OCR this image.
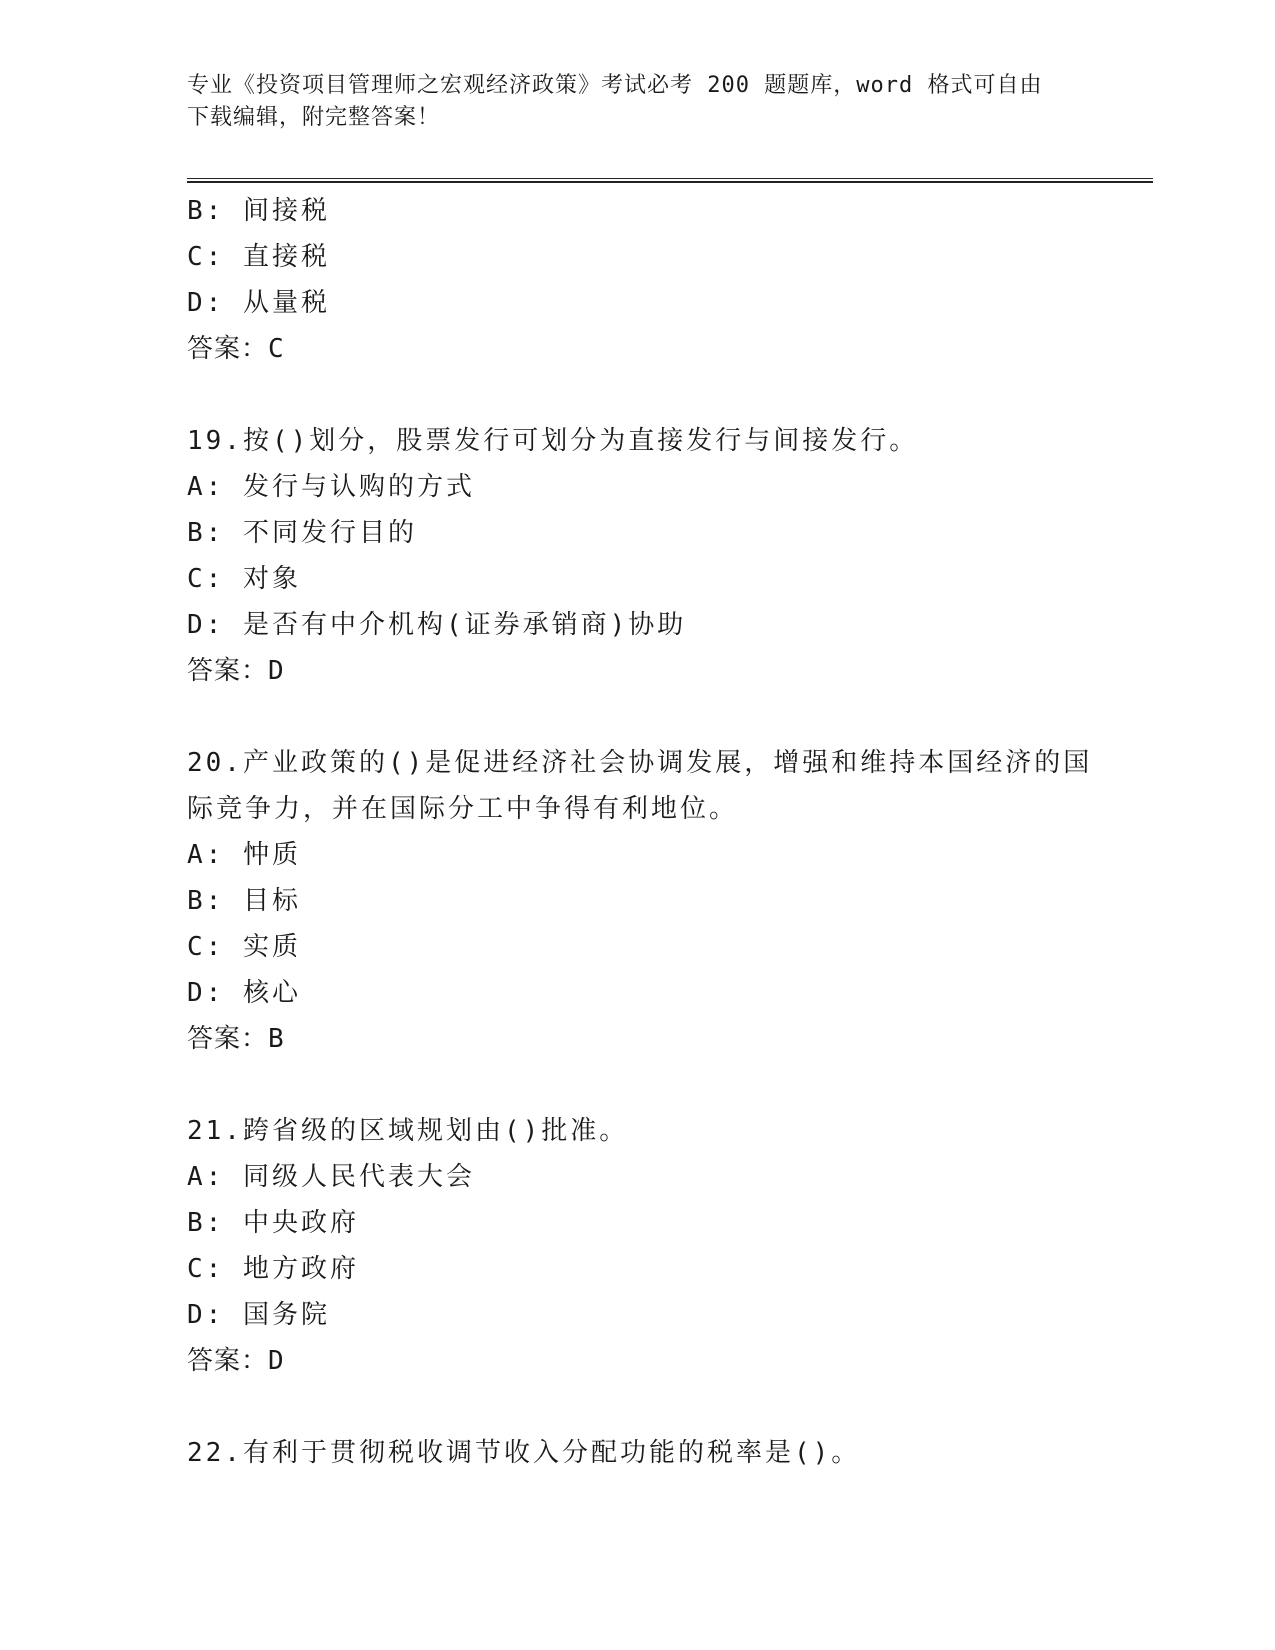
专业《投资项目管理师之宏观经济政策》考试必考 200 题题库，word 格式可自由
下载编辑，附完整答案！
B: 间接税
C: 直接税
D: 从量税
答案：C
19.按()划分，股票发行可划分为直接发行与间接发行。
A: 发行与认购的方式
B: 不同发行目的
C: 对象
D: 是否有中介机构(证券承销商)协助
答案：D
20.产业政策的()是促进经济社会协调发展，增强和维持本国经济的国
际竞争力，并在国际分工中争得有利地位。
A: 忡质
B: 目标
C: 实质
D: 核心
答案：B
21.跨省级的区域规划由()批准。
A: 同级人民代表大会
B: 中央政府
C: 地方政府
D: 国务院
答案：D
22.有利于贯彻税收调节收入分配功能的税率是()。
